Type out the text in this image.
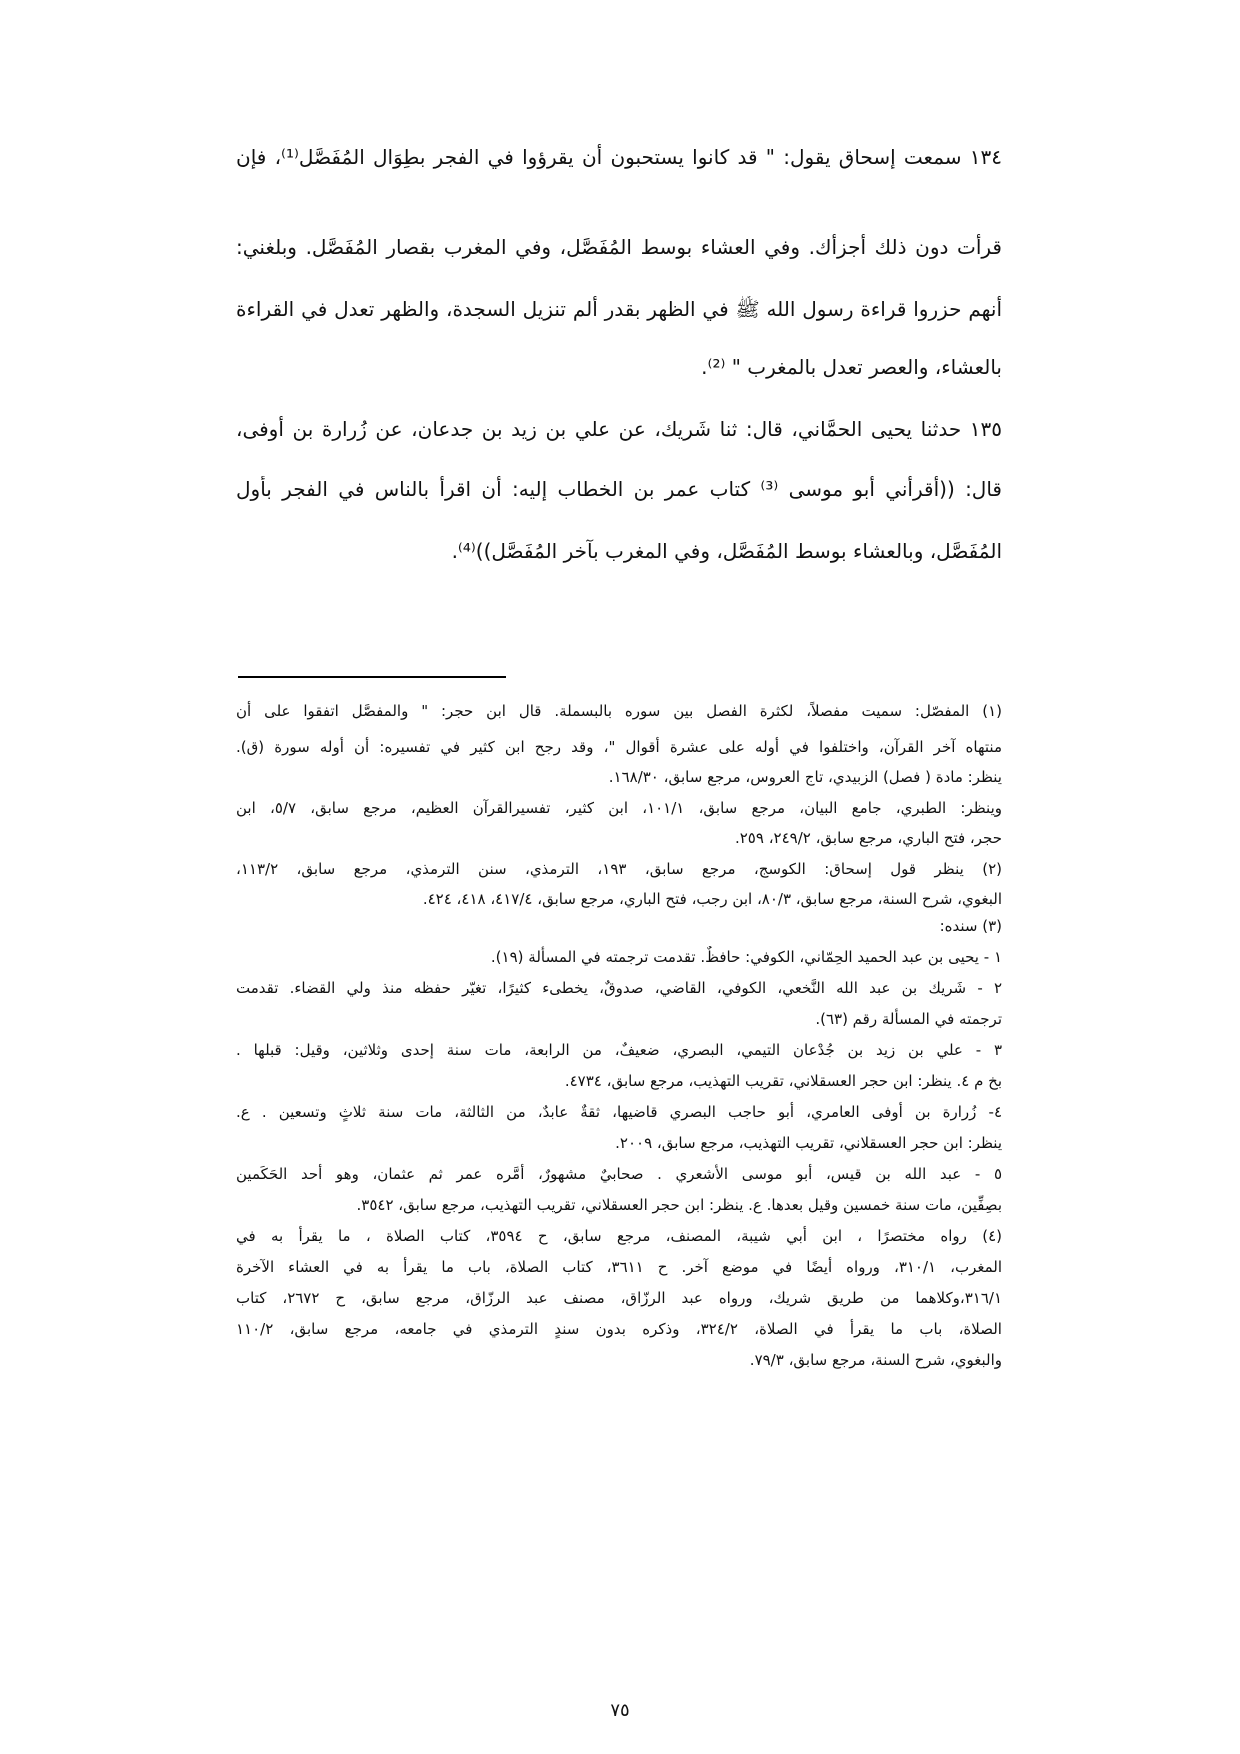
١٣٤ سمعت إسحاق يقول: " قد كانوا يستحبون أن يقرؤوا في الفجر بطِوَال المُفَصَّل⁽¹⁾، فإن
قرأت دون ذلك أجزأك. وفي العشاء بوسط المُفَصَّل، وفي المغرب بقصار المُفَصَّل. وبلغني:
أنهم حزروا قراءة رسول الله ﷺ في الظهر بقدر ألم تنزيل السجدة، والظهر تعدل في القراءة
بالعشاء، والعصر تعدل بالمغرب " ⁽²⁾.
١٣٥ حدثنا يحيى الحمَّاني، قال: ثنا شَريك، عن علي بن زيد بن جدعان، عن زُرارة بن أوفى،
قال: ((أقرأني أبو موسى ⁽³⁾ كتاب عمر بن الخطاب إليه: أن اقرأ بالناس في الفجر بأول
المُفَصَّل، وبالعشاء بوسط المُفَصَّل، وفي المغرب بآخر المُفَصَّل))⁽⁴⁾.
(١) المفصّل: سميت مفصلاً، لكثرة الفصل بين سوره بالبسملة. قال ابن حجر: " والمفصَّل اتفقوا على أن
منتهاه آخر القرآن، واختلفوا في أوله على عشرة أقوال "، وقد رجح ابن كثير في تفسيره: أن أوله سورة (ق).
ينظر: مادة ( فصل) الزبيدي، تاج العروس، مرجع سابق، ١٦٨/٣٠.
وينظر: الطبري، جامع البيان، مرجع سابق، ١٠١/١، ابن كثير، تفسيرالقرآن العظيم، مرجع سابق، ٥/٧، ابن
حجر، فتح الباري، مرجع سابق، ٢٤٩/٢، ٢٥٩.
(٢) ينظر قول إسحاق: الكوسج، مرجع سابق، ١٩٣، الترمذي، سنن الترمذي، مرجع سابق، ١١٣/٢،
البغوي، شرح السنة، مرجع سابق، ٨٠/٣، ابن رجب، فتح الباري، مرجع سابق، ٤١٧/٤، ٤١٨، ٤٢٤.
(٣) سنده:
١ - يحيى بن عبد الحميد الحِمّاني، الكوفي: حافظٌ. تقدمت ترجمته في المسألة (١٩).
٢ - شَريك بن عبد الله النَّخعي، الكوفي، القاضي، صدوقٌ، يخطىء كثيرًا، تغيّر حفظه منذ ولي القضاء. تقدمت
ترجمته في المسألة رقم (٦٣).
٣ - علي بن زيد بن جُدْعان التيمي، البصري، ضعيفٌ، من الرابعة، مات سنة إحدى وثلاثين، وقيل: قبلها .
بخ م ٤. ينظر: ابن حجر العسقلاني، تقريب التهذيب، مرجع سابق، ٤٧٣٤.
٤- زُرارة بن أوفى العامري، أبو حاجب البصري قاضيها، ثقةٌ عابدٌ، من الثالثة، مات سنة ثلاثٍ وتسعين . ع.
ينظر: ابن حجر العسقلاني، تقريب التهذيب، مرجع سابق، ٢٠٠٩.
٥ - عبد الله بن قيس، أبو موسى الأشعري . صحابيٌ مشهورٌ، أمَّره عمر ثم عثمان، وهو أحد الحَكَمين
بصِفِّين، مات سنة خمسين وقيل بعدها. ع. ينظر: ابن حجر العسقلاني، تقريب التهذيب، مرجع سابق، ٣٥٤٢.
(٤) رواه مختصرًا ، ابن أبي شيبة، المصنف، مرجع سابق، ح ٣٥٩٤، كتاب الصلاة ، ما يقرأ به في
المغرب، ٣١٠/١، ورواه أيضًا في موضع آخر. ح ٣٦١١، كتاب الصلاة، باب ما يقرأ به في العشاء الآخرة
٣١٦/١،وكلاهما من طريق شريك، ورواه عبد الرزّاق، مصنف عبد الرزّاق، مرجع سابق، ح ٢٦٧٢، كتاب
الصلاة، باب ما يقرأ في الصلاة، ٣٢٤/٢، وذكره بدون سندٍ الترمذي في جامعه، مرجع سابق، ١١٠/٢
والبغوي، شرح السنة، مرجع سابق، ٧٩/٣.
٧٥
